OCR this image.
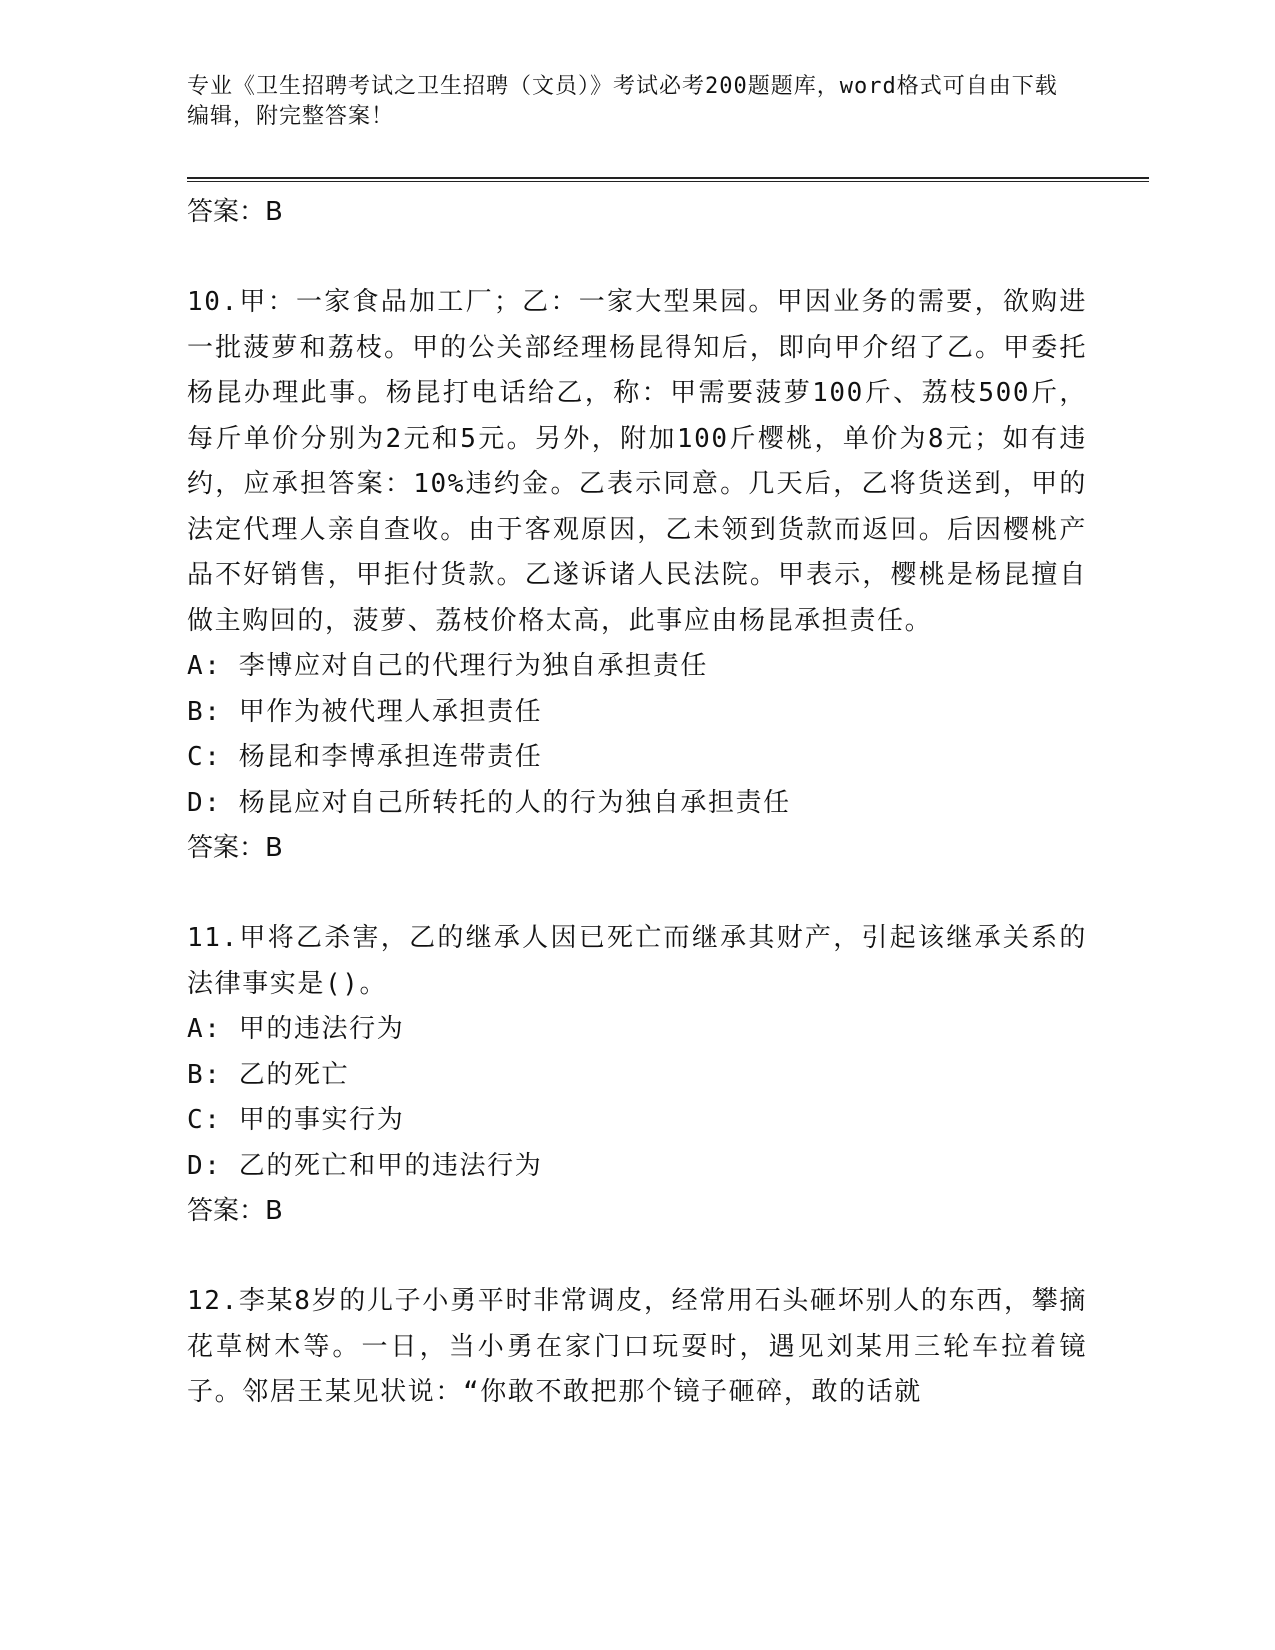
专业《卫生招聘考试之卫生招聘（文员）》考试必考200题题库，word格式可自由下载编辑，附完整答案！

答案：B

10.甲：一家食品加工厂；乙：一家大型果园。甲因业务的需要，欲购进一批菠萝和荔枝。甲的公关部经理杨昆得知后，即向甲介绍了乙。甲委托杨昆办理此事。杨昆打电话给乙，称：甲需要菠萝100斤、荔枝500斤，每斤单价分别为2元和5元。另外，附加100斤樱桃，单价为8元；如有违约，应承担答案：10%违约金。乙表示同意。几天后，乙将货送到，甲的法定代理人亲自查收。由于客观原因，乙未领到货款而返回。后因樱桃产品不好销售，甲拒付货款。乙遂诉诸人民法院。甲表示，樱桃是杨昆擅自做主购回的，菠萝、荔枝价格太高，此事应由杨昆承担责任。

A: 李博应对自己的代理行为独自承担责任
B: 甲作为被代理人承担责任
C: 杨昆和李博承担连带责任
D: 杨昆应对自己所转托的人的行为独自承担责任

答案：B

11.甲将乙杀害，乙的继承人因已死亡而继承其财产，引起该继承关系的法律事实是()。

A: 甲的违法行为
B: 乙的死亡
C: 甲的事实行为
D: 乙的死亡和甲的违法行为

答案：B

12.李某8岁的儿子小勇平时非常调皮，经常用石头砸坏别人的东西，攀摘花草树木等。一日，当小勇在家门口玩耍时，遇见刘某用三轮车拉着镜子。邻居王某见状说：“你敢不敢把那个镜子砸碎，敢的话就
